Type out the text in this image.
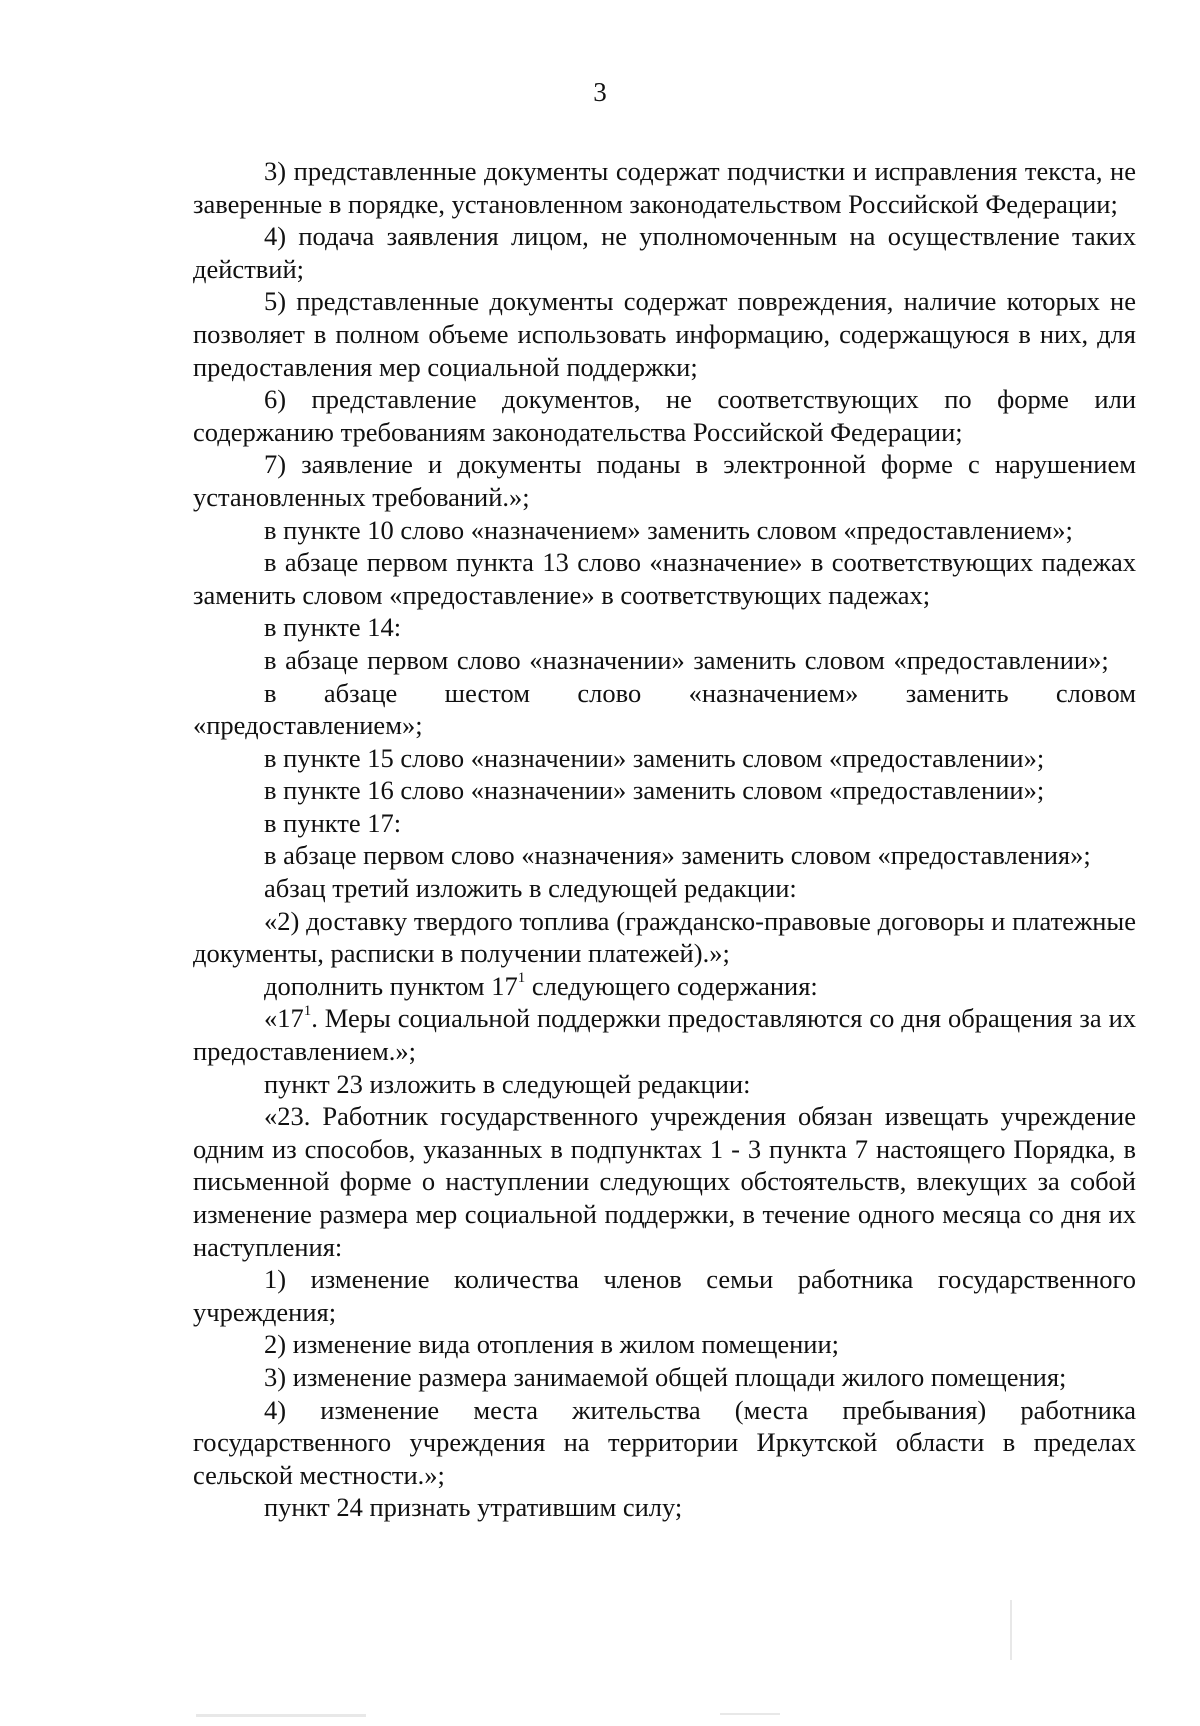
3

3) представленные документы содержат подчистки и исправления текста, не заверенные в порядке, установленном законодательством Российской Федерации;

4) подача заявления лицом, не уполномоченным на осуществление таких действий;

5) представленные документы содержат повреждения, наличие которых не позволяет в полном объеме использовать информацию, содержащуюся в них, для предоставления мер социальной поддержки;

6) представление документов, не соответствующих по форме или содержанию требованиям законодательства Российской Федерации;

7) заявление и документы поданы в электронной форме с нарушением установленных требований.»;

в пункте 10 слово «назначением» заменить словом «предоставлением»;

в абзаце первом пункта 13 слово «назначение» в соответствующих падежах заменить словом «предоставление» в соответствующих падежах;

в пункте 14:

в абзаце первом слово «назначении» заменить словом «предоставлении»;

в абзаце шестом слово «назначением» заменить словом «предоставлением»;

в пункте 15 слово «назначении» заменить словом «предоставлении»;

в пункте 16 слово «назначении» заменить словом «предоставлении»;

в пункте 17:

в абзаце первом слово «назначения» заменить словом «предоставления»;

абзац третий изложить в следующей редакции:

«2) доставку твердого топлива (гражданско-правовые договоры и платежные документы, расписки в получении платежей).»;

дополнить пунктом $17^1$ следующего содержания:

«$17^1$. Меры социальной поддержки предоставляются со дня обращения за их предоставлением.»;

пункт 23 изложить в следующей редакции:

«23. Работник государственного учреждения обязан извещать учреждение одним из способов, указанных в подпунктах 1 - 3 пункта 7 настоящего Порядка, в письменной форме о наступлении следующих обстоятельств, влекущих за собой изменение размера мер социальной поддержки, в течение одного месяца со дня их наступления:

1) изменение количества членов семьи работника государственного учреждения;

2) изменение вида отопления в жилом помещении;

3) изменение размера занимаемой общей площади жилого помещения;

4) изменение места жительства (места пребывания) работника государственного учреждения на территории Иркутской области в пределах сельской местности.»;

пункт 24 признать утратившим силу;
